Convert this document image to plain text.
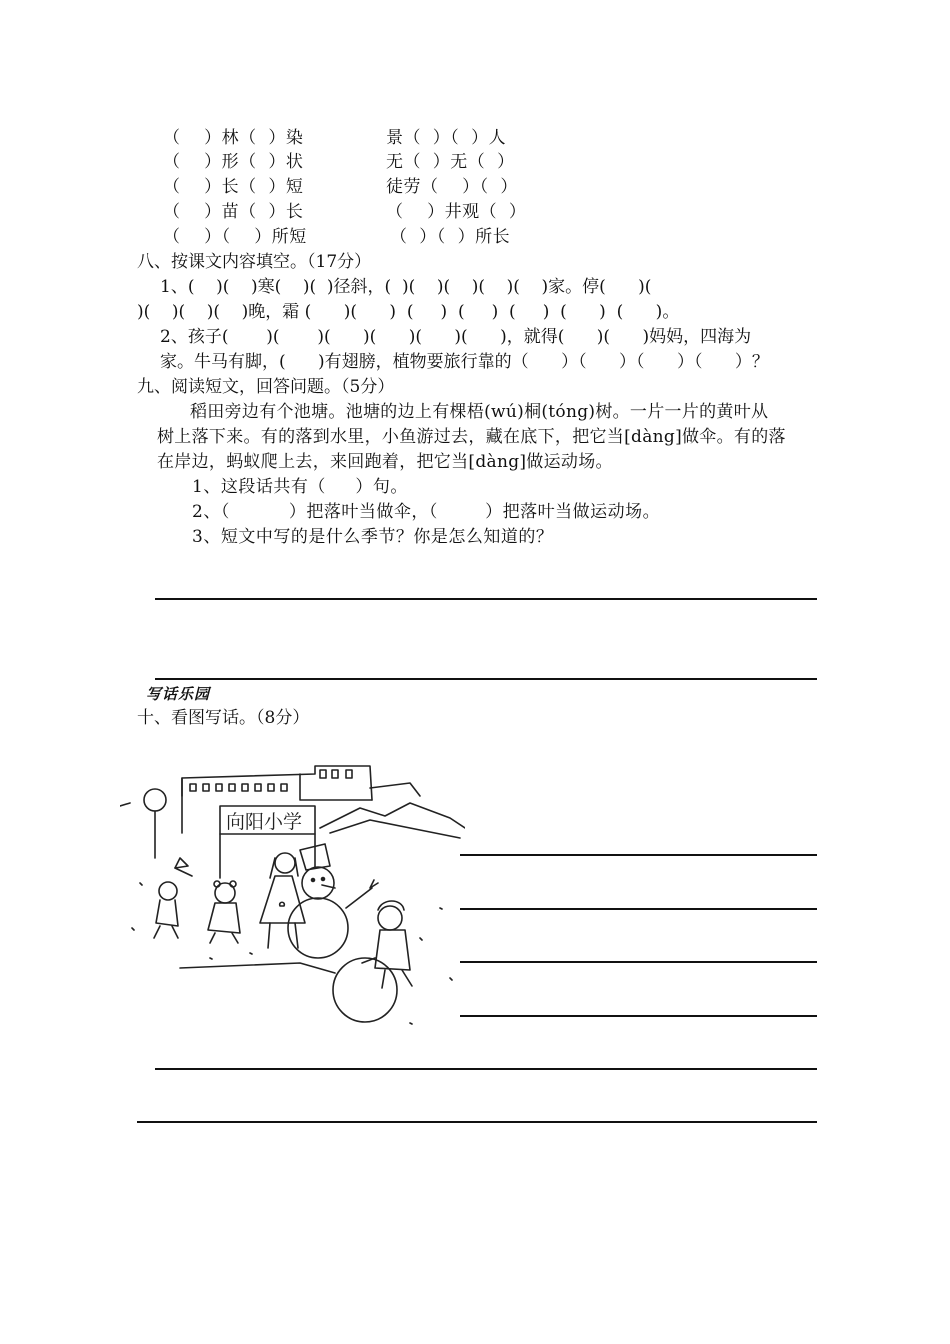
（    ）林（  ）染
（    ）形（  ）状
（    ）长（  ）短
（    ）苗（  ）长
（    ）（    ）所短
景（  ）（  ）人
无（  ）无（  ）
徒劳（    ）（  ）
（    ）井观（  ）
（  ）（  ）所长
八、按课文内容填空。（17分）
1、(    )(    )寒(    )(  )径斜，(  )(    )(    )(    )(    )家。停(      )(
)(    )(    )(    )晚，霜 (      )(      )  (     )  (     )  (     )  (      )  (      )。
2、孩子(       )(       )(      )(      )(      )(      )，就得(      )(      )妈妈，四海为
家。牛马有脚，(      )有翅膀，植物要旅行靠的（      ）（      ）（      ）（      ）？
九、阅读短文，回答问题。（5分）
稻田旁边有个池塘。池塘的边上有棵梧(wú)桐(tóng)树。一片一片的黄叶从
树上落下来。有的落到水里，小鱼游过去，藏在底下，把它当[dàng]做伞。有的落
在岸边，蚂蚁爬上去，来回跑着，把它当[dàng]做运动场。
1、这段话共有（     ）句。
2、（          ）把落叶当做伞，（        ）把落叶当做运动场。
3、短文中写的是什么季节？你是怎么知道的？
写话乐园
十、看图写话。（8分）
向阳小学
